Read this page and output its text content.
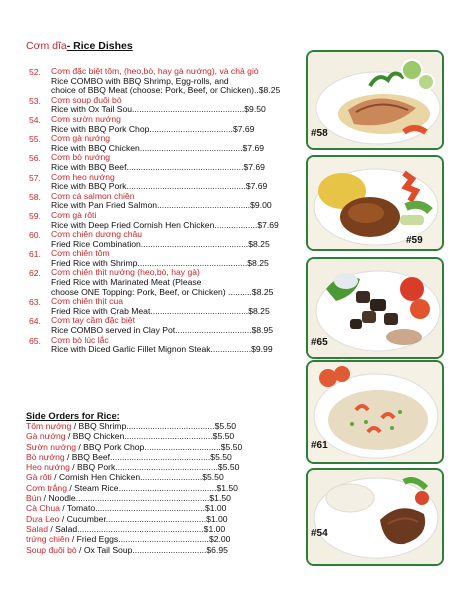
Cơm dĩa- Rice Dishes
52. Cơm đặc biệt tôm, (heo,bò, hay gà nướng), và chả giò
Rice COMBO with BBQ Shrimp, Egg-rolls, and
choice of BBQ Meat (choose: Pork, Beef, or Chicken)..$8.25
53. Cơm soup đuôi bò
Rice with Ox Tail Sou...............................................$9.50
54. Cơm sườn nướng
Rice with BBQ Pork Chop...................................$7.69
55. Cơm gà nướng
Rice with BBQ Chicken...........................................$7.69
56. Cơm bò nướng
Rice with BBQ Beef.................................................$7.69
57. Cơm heo nướng
Rice with BBQ Pork..................................................$7.69
58. Cơm cá salmon chiên
Rice with Pan Fried Salmon.......................................$9.00
59. Cơm gà rôti
Rice with Deep Fried Cornish Hen Chicken..................$7.69
60. Cơm chiên dương châu
Fried Rice Combination.............................................$8.25
61. Cơm chiên tôm
Fried Rice with Shrimp..............................................$8.25
62. Cơm chiên thịt nướng (heo,bò, hay gà)
Fried Rice with Marinated Meat (Please
choose ONE Topping: Pork, Beef, or Chicken) ..........$8.25
63. Cơm chiên thịt cua
Fried Rice with Crab Meat.........................................$8.25
64. Cơm tay cầm đặc biệt
Rice COMBO served in Clay Pot................................$8.95
65. Cơm bò lúc lắc
Rice with Diced Garlic Fillet Mignon Steak.................$9.99
Side Orders for Rice:
Tôm nướng / BBQ Shrimp.....................................$5.50
Gà nướng / BBQ Chicken.....................................$5.50
Sườn nướng / BBQ Pork Chop................................$5.50
Bò nướng / BBQ Beef..........................................$5.50
Heo nướng / BBQ Pork...........................................$5.50
Gà rôti / Cornish Hen Chicken..........................$5.50
Cơm trắng / Steam Rice.........................................$1.50
Bún / Noodle........................................................$1.50
Cà Chua / Tomato..............................................$1.00
Dưa Leo / Cucumber..........................................$1.00
Salad / Salad.....................................................$1.00
trứng chiên / Fried Eggs......................................$2.00
Soup đuôi bò / Ox Tail Soup...............................$6.95
#58
#59
#65
#61
#54
